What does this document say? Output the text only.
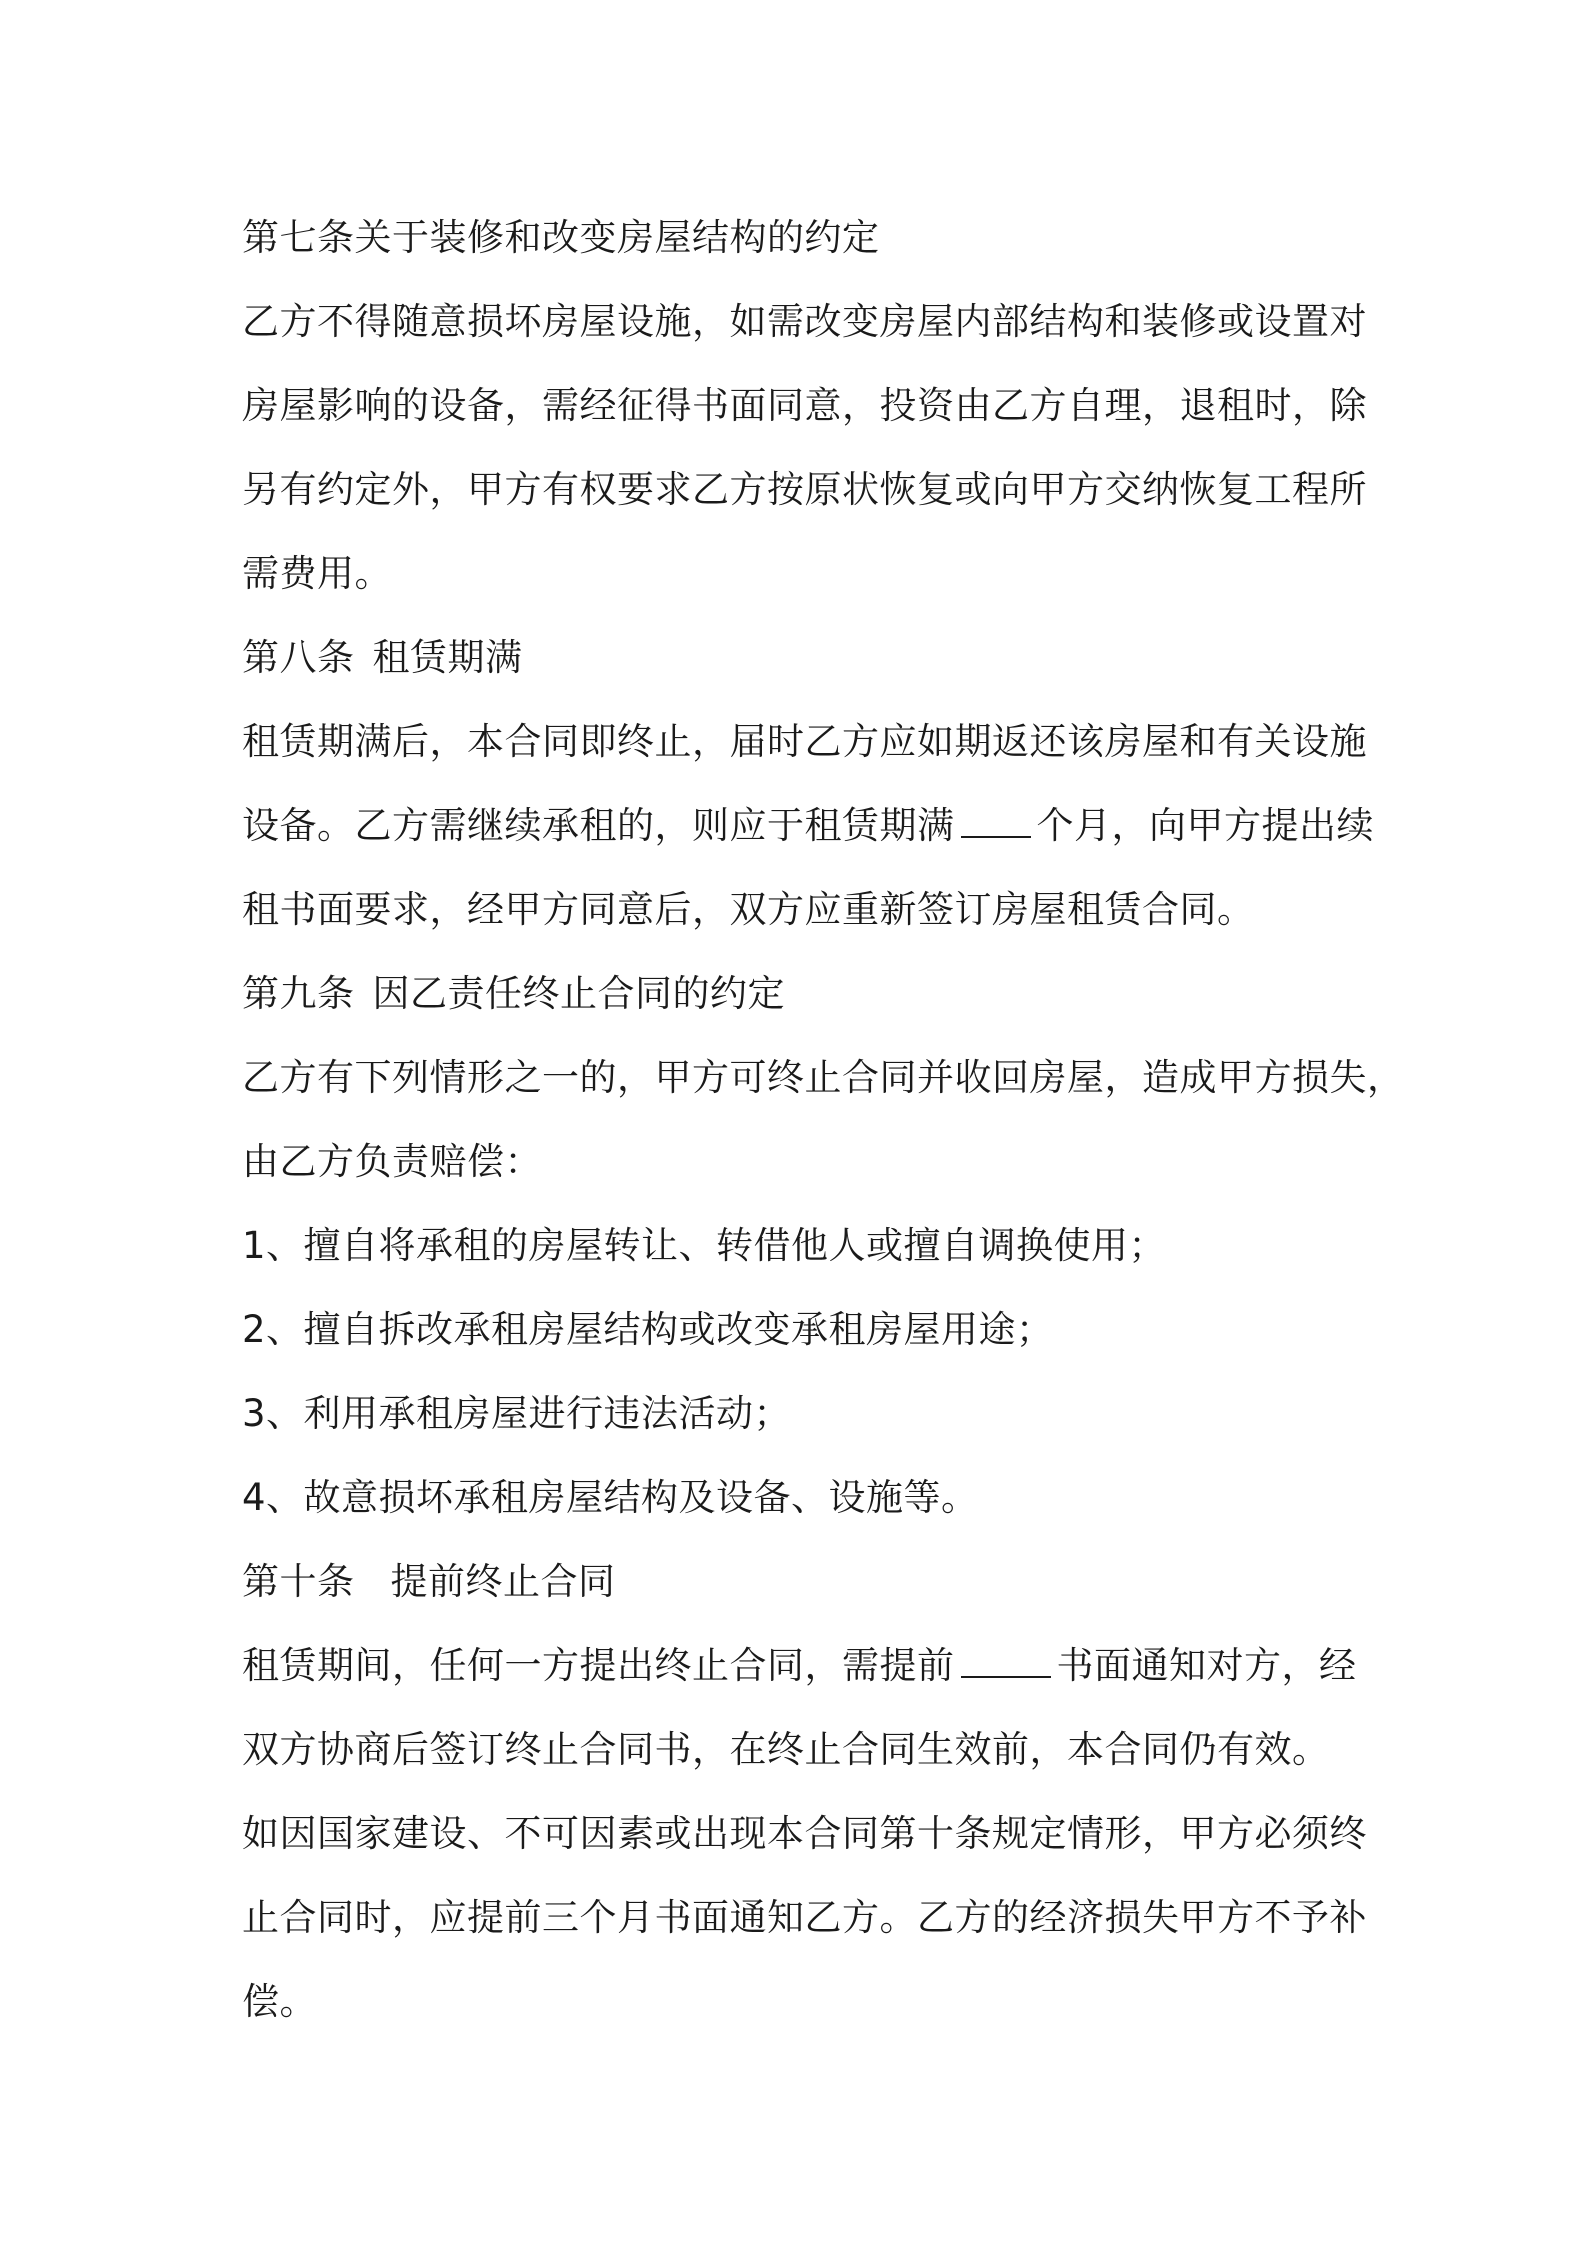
第七条关于装修和改变房屋结构的约定
乙方不得随意损坏房屋设施，如需改变房屋内部结构和装修或设置对
房屋影响的设备，需经征得书面同意，投资由乙方自理，退租时，除
另有约定外，甲方有权要求乙方按原状恢复或向甲方交纳恢复工程所
需费用。
第八条 租赁期满
租赁期满后，本合同即终止，届时乙方应如期返还该房屋和有关设施
设备。乙方需继续承租的，则应于租赁期满 个月，向甲方提出续
租书面要求，经甲方同意后，双方应重新签订房屋租赁合同。
第九条 因乙责任终止合同的约定
乙方有下列情形之一的，甲方可终止合同并收回房屋，造成甲方损失，
由乙方负责赔偿：
1、擅自将承租的房屋转让、转借他人或擅自调换使用；
2、擅自拆改承租房屋结构或改变承租房屋用途；
3、利用承租房屋进行违法活动；
4、故意损坏承租房屋结构及设备、设施等。
第十条 提前终止合同
租赁期间，任何一方提出终止合同，需提前	书面通知对方，经
双方协商后签订终止合同书，在终止合同生效前，本合同仍有效。
如因国家建设、不可因素或出现本合同第十条规定情形，甲方必须终
止合同时，应提前三个月书面通知乙方。乙方的经济损失甲方不予补
偿。
